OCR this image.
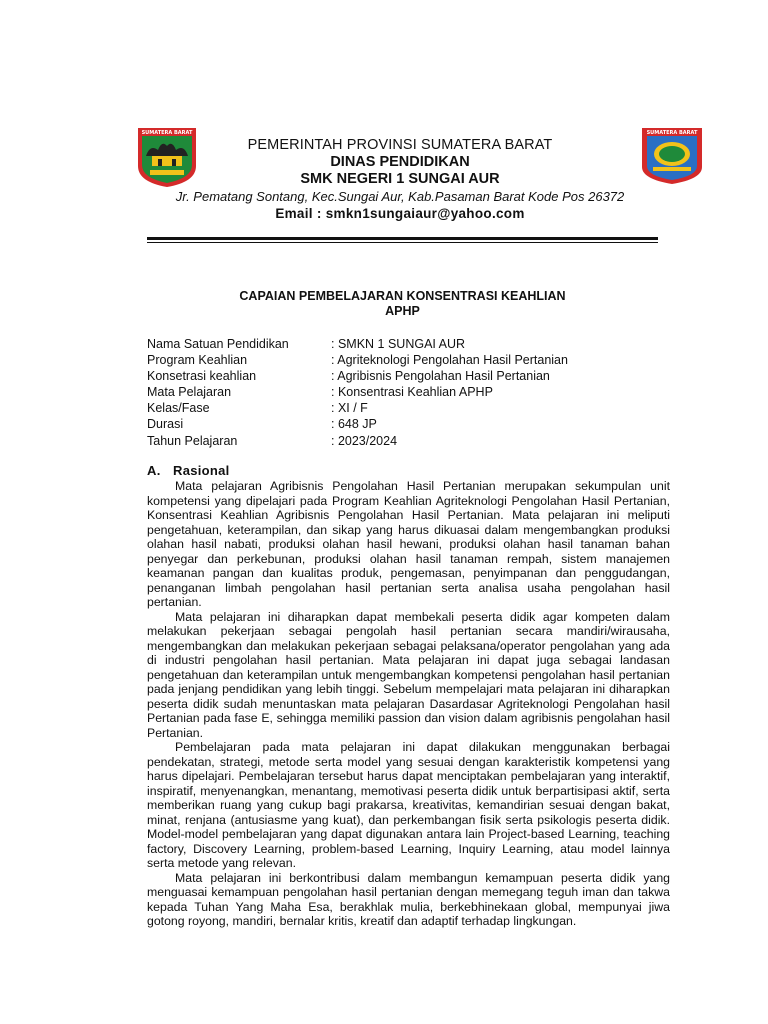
SUMATERA BARAT	SUMATERA BARAT
PEMERINTAH PROVINSI SUMATERA BARAT
DINAS PENDIDIKAN
SMK NEGERI 1 SUNGAI AUR
Jr. Pematang Sontang, Kec.Sungai Aur, Kab.Pasaman Barat Kode Pos 26372
Email : smkn1sungaiaur@yahoo.com
CAPAIAN PEMBELAJARAN KONSENTRASI KEAHLIAN
APHP
Nama Satuan Pendidikan	: SMKN 1 SUNGAI AUR
Program Keahlian	: Agriteknologi Pengolahan Hasil Pertanian
Konsetrasi keahlian	: Agribisnis Pengolahan Hasil Pertanian
Mata Pelajaran	: Konsentrasi Keahlian APHP
Kelas/Fase	: XI / F
Durasi	: 648 JP
Tahun Pelajaran	: 2023/2024
A. Rasional

Mata pelajaran Agribisnis Pengolahan Hasil Pertanian merupakan sekumpulan unit kompetensi yang dipelajari pada Program Keahlian Agriteknologi Pengolahan Hasil Pertanian, Konsentrasi Keahlian Agribisnis Pengolahan Hasil Pertanian. Mata pelajaran ini meliputi pengetahuan, keterampilan, dan sikap yang harus dikuasai dalam mengembangkan produksi olahan hasil nabati, produksi olahan hasil hewani, produksi olahan hasil tanaman bahan penyegar dan perkebunan, produksi olahan hasil tanaman rempah, sistem manajemen keamanan pangan dan kualitas produk, pengemasan, penyimpanan dan penggudangan, penanganan limbah pengolahan hasil pertanian serta analisa usaha pengolahan hasil pertanian.

Mata pelajaran ini diharapkan dapat membekali peserta didik agar kompeten dalam melakukan pekerjaan sebagai pengolah hasil pertanian secara mandiri/wirausaha, mengembangkan dan melakukan pekerjaan sebagai pelaksana/operator pengolahan yang ada di industri pengolahan hasil pertanian. Mata pelajaran ini dapat juga sebagai landasan pengetahuan dan keterampilan untuk mengembangkan kompetensi pengolahan hasil pertanian pada jenjang pendidikan yang lebih tinggi. Sebelum mempelajari mata pelajaran ini diharapkan peserta didik sudah menuntaskan mata pelajaran Dasardasar Agriteknologi Pengolahan hasil Pertanian pada fase E, sehingga memiliki passion dan vision dalam agribisnis pengolahan hasil Pertanian.

Pembelajaran pada mata pelajaran ini dapat dilakukan menggunakan berbagai pendekatan, strategi, metode serta model yang sesuai dengan karakteristik kompetensi yang harus dipelajari. Pembelajaran tersebut harus dapat menciptakan pembelajaran yang interaktif, inspiratif, menyenangkan, menantang, memotivasi peserta didik untuk berpartisipasi aktif, serta memberikan ruang yang cukup bagi prakarsa, kreativitas, kemandirian sesuai dengan bakat, minat, renjana (antusiasme yang kuat), dan perkembangan fisik serta psikologis peserta didik. Model-model pembelajaran yang dapat digunakan antara lain Project-based Learning, teaching factory, Discovery Learning, problem-based Learning, Inquiry Learning, atau model lainnya serta metode yang relevan.

Mata pelajaran ini berkontribusi dalam membangun kemampuan peserta didik yang menguasai kemampuan pengolahan hasil pertanian dengan memegang teguh iman dan takwa kepada Tuhan Yang Maha Esa, berakhlak mulia, berkebhinekaan global, mempunyai jiwa gotong royong, mandiri, bernalar kritis, kreatif dan adaptif terhadap lingkungan.
